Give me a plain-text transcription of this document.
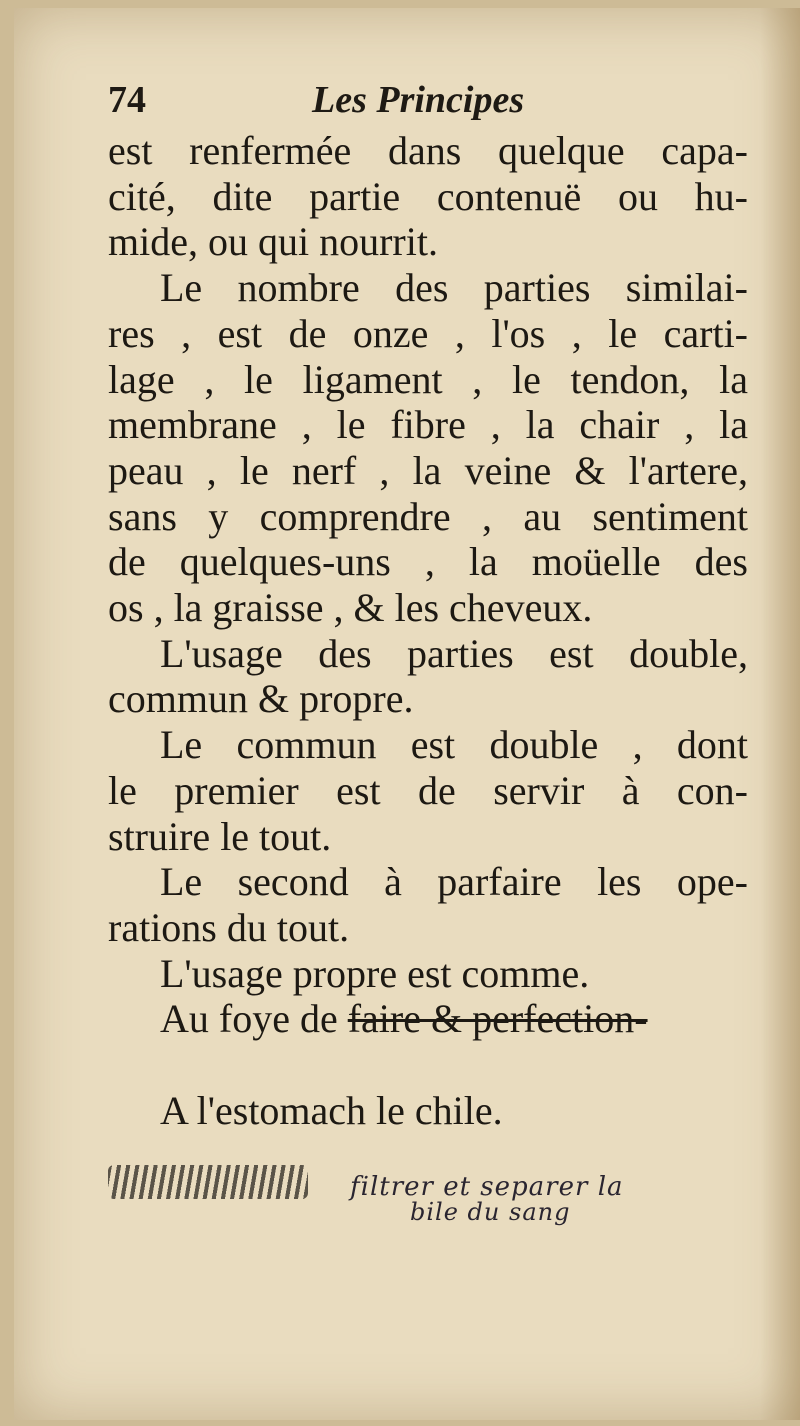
74	Les Principes

est renfermée dans quelque capa-

cité, dite partie contenuë ou hu-

mide, ou qui nourrit.

Le nombre des parties similai-

res , est de onze , l'os , le carti-

lage , le ligament , le tendon, la

membrane , le fibre , la chair , la

peau , le nerf , la veine & l'artere,

sans y comprendre , au sentiment

de quelques-uns , la moüelle des

os , la graisse , & les cheveux.

L'usage des parties est double,

commun & propre.

Le commun est double , dont

le premier est de servir à con-

struire le tout.

Le second à parfaire les ope-

rations du tout.

L'usage propre est comme.

Au foye de faire & perfection-

A l'estomach le chile.

filtrer et separer la
bile du sang
